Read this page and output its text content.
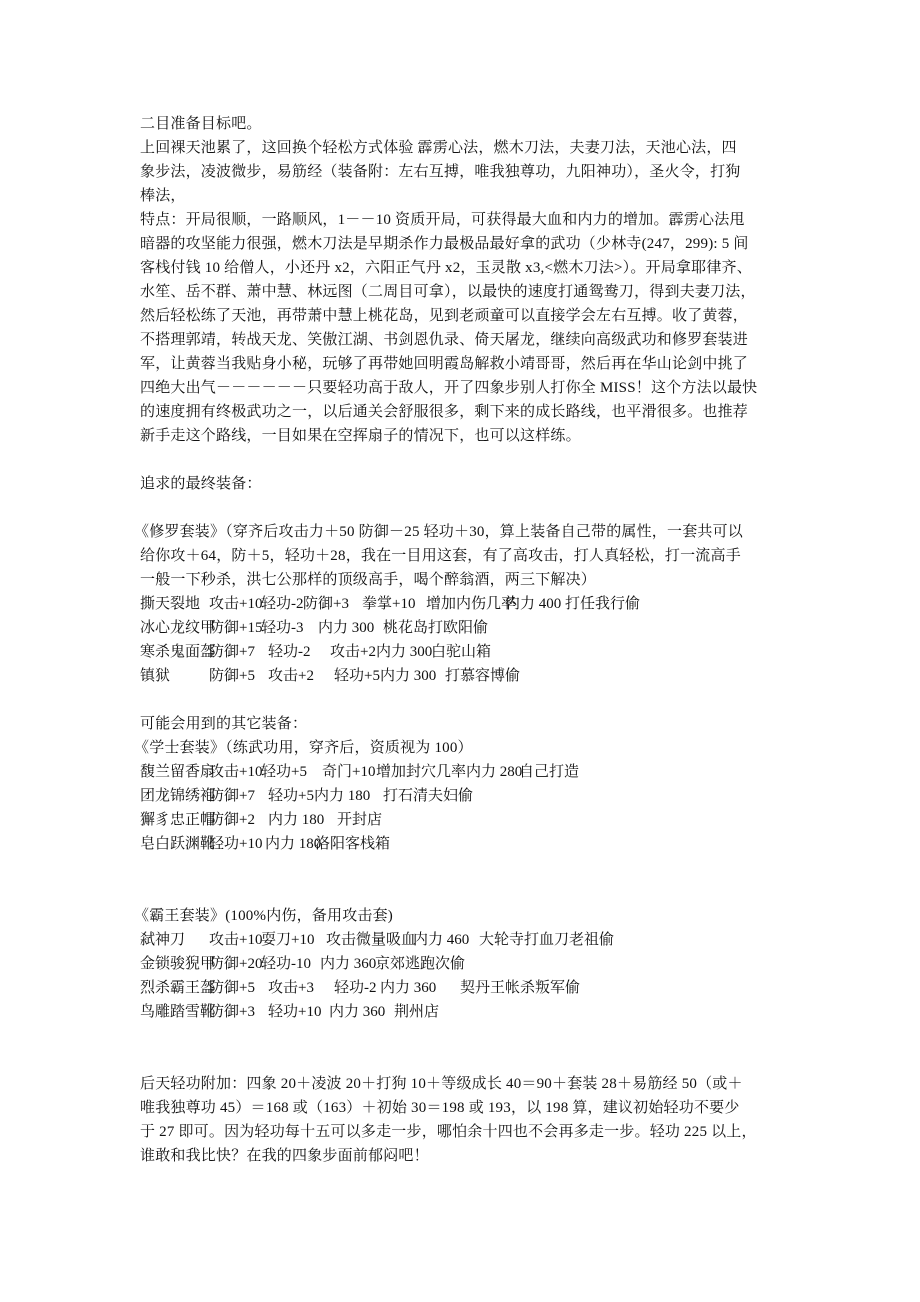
二目准备目标吧。
上回裸天池累了，这回换个轻松方式体验 霹雳心法，燃木刀法，夫妻刀法，天池心法，四
象步法，凌波微步，易筋经（装备附：左右互搏，唯我独尊功，九阳神功），圣火令，打狗
棒法，
特点：开局很顺，一路顺风，1－－10 资质开局，可获得最大血和内力的增加。霹雳心法甩
暗器的攻坚能力很强，燃木刀法是早期杀作力最极品最好拿的武功（少林寺(247，299): 5 间
客栈付钱 10 给僧人，小还丹 x2，六阳正气丹 x2，玉灵散 x3,<燃木刀法>）。开局拿耶律齐、
水笙、岳不群、萧中慧、林远图（二周目可拿），以最快的速度打通鸳鸯刀，得到夫妻刀法，
然后轻松练了天池，再带萧中慧上桃花岛，见到老顽童可以直接学会左右互搏。收了黄蓉，
不搭理郭靖，转战天龙、笑傲江湖、书剑恩仇录、倚天屠龙，继续向高级武功和修罗套装进
军，让黄蓉当我贴身小秘，玩够了再带她回明霞岛解救小靖哥哥，然后再在华山论剑中挑了
四绝大出气－－－－－－只要轻功高于敌人，开了四象步别人打你全 MISS！这个方法以最快
的速度拥有终极武功之一，以后通关会舒服很多，剩下来的成长路线，也平滑很多。也推荐
新手走这个路线，一目如果在空挥扇子的情况下，也可以这样练。
追求的最终装备：
《修罗套装》（穿齐后攻击力＋50 防御－25 轻功＋30，算上装备自己带的属性，一套共可以
给你攻＋64，防＋5，轻功＋28，我在一目用这套，有了高攻击，打人真轻松，打一流高手
一般一下秒杀，洪七公那样的顶级高手，喝个醉翁酒，两三下解决）
撕天裂地 攻击+10
轻功-2 防御+3 拳掌+10 增加内伤几率
内力 400 打任我行偷
冰心龙纹甲
防御+15
轻功-3 内力 300 桃花岛打欧阳偷
寒杀鬼面盔
防御+7 轻功-2 攻击+2 内力 300
白驼山箱
镇狱	防御+5 攻击+2 轻功+5 内力 300 打慕容博偷
可能会用到的其它装备：
《学士套装》（练武功用，穿齐后，资质视为 100）
馥兰留香扇
攻击+10
轻功+5 奇门+10 增加封穴几率内力 280
自己打造
团龙锦绣袍
防御+7 轻功+5 内力 180 打石清夫妇偷
獬豸忠正帽
防御+2 内力 180 开封店
皂白跃渊靴
轻功+10 内力 180
洛阳客栈箱
《霸王套装》(100%内伤，备用攻击套)
弑神刀 攻击+10
耍刀+10 攻击微量吸血
内力 460 大轮寺打血刀老祖偷
金锁骏猊甲
防御+20
轻功-10 内力 360
京郊逃跑次偷
烈杀霸王盔
防御+5 攻击+3 轻功-2 内力 360 契丹王帐杀叛军偷
鸟雕踏雪靴
防御+3 轻功+10 内力 360 荆州店
后天轻功附加：四象 20＋凌波 20＋打狗 10＋等级成长 40＝90＋套装 28＋易筋经 50（或＋
唯我独尊功 45）＝168 或（163）＋初始 30＝198 或 193，以 198 算，建议初始轻功不要少
于 27 即可。因为轻功每十五可以多走一步，哪怕余十四也不会再多走一步。轻功 225 以上，
谁敢和我比快？在我的四象步面前郁闷吧！
